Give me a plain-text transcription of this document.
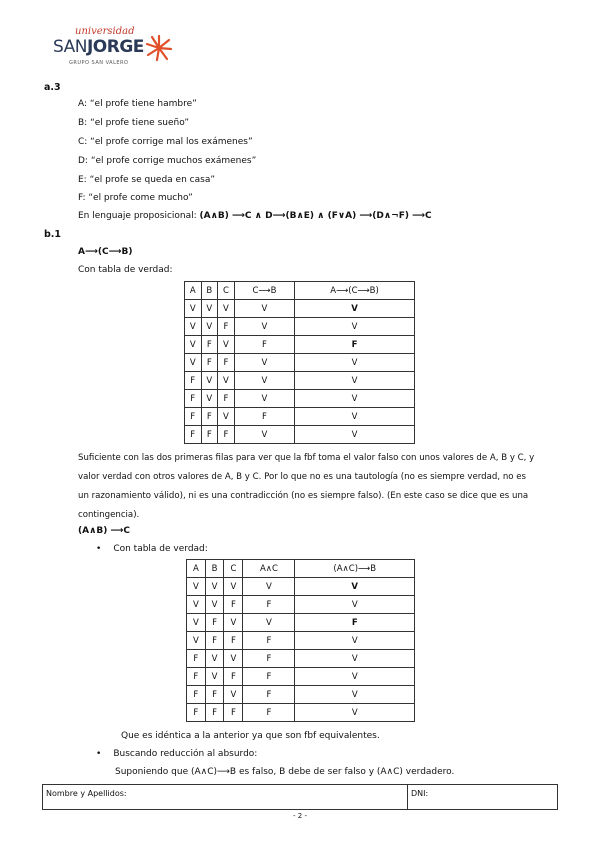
universidad
SANJORGE
GRUPO SAN VALERO
a.3
A: “el profe tiene hambre”
B: “el profe tiene sueño”
C: “el profe corrige mal los exámenes”
D: “el profe corrige muchos exámenes”
E: “el profe se queda en casa”
F: “el profe come mucho”
En lenguaje proposicional: (A∧B) ⟶C ∧ D⟶(B∧E) ∧ (F∨A) ⟶(D∧¬F) ⟶C
b.1
A⟶(C⟶B)
Con tabla de verdad:
A	B	C	C⟶B	A⟶(C⟶B)
V	V	V	V	V
V	V	F	V	V
V	F	V	F	F
V	F	F	V	V
F	V	V	V	V
F	V	F	V	V
F	F	V	F	V
F	F	F	V	V
Suficiente con las dos primeras filas para ver que la fbf toma el valor falso con unos valores de A, B y C, y
valor verdad con otros valores de A, B y C. Por lo que no es una tautología (no es siempre verdad, no es
un razonamiento válido), ni es una contradicción (no es siempre falso). (En este caso se dice que es una
contingencia).
(A∧B) ⟶C
• Con tabla de verdad:
A	B	C	A∧C	(A∧C)⟶B
V	V	V	V	V
V	V	F	F	V
V	F	V	V	F
V	F	F	F	V
F	V	V	F	V
F	V	F	F	V
F	F	V	F	V
F	F	F	F	V
Que es idéntica a la anterior ya que son fbf equivalentes.
• Buscando reducción al absurdo:
Suponiendo que (A∧C)⟶B es falso, B debe de ser falso y (A∧C) verdadero.
Nombre y Apellidos:	DNI:
- 2 -
